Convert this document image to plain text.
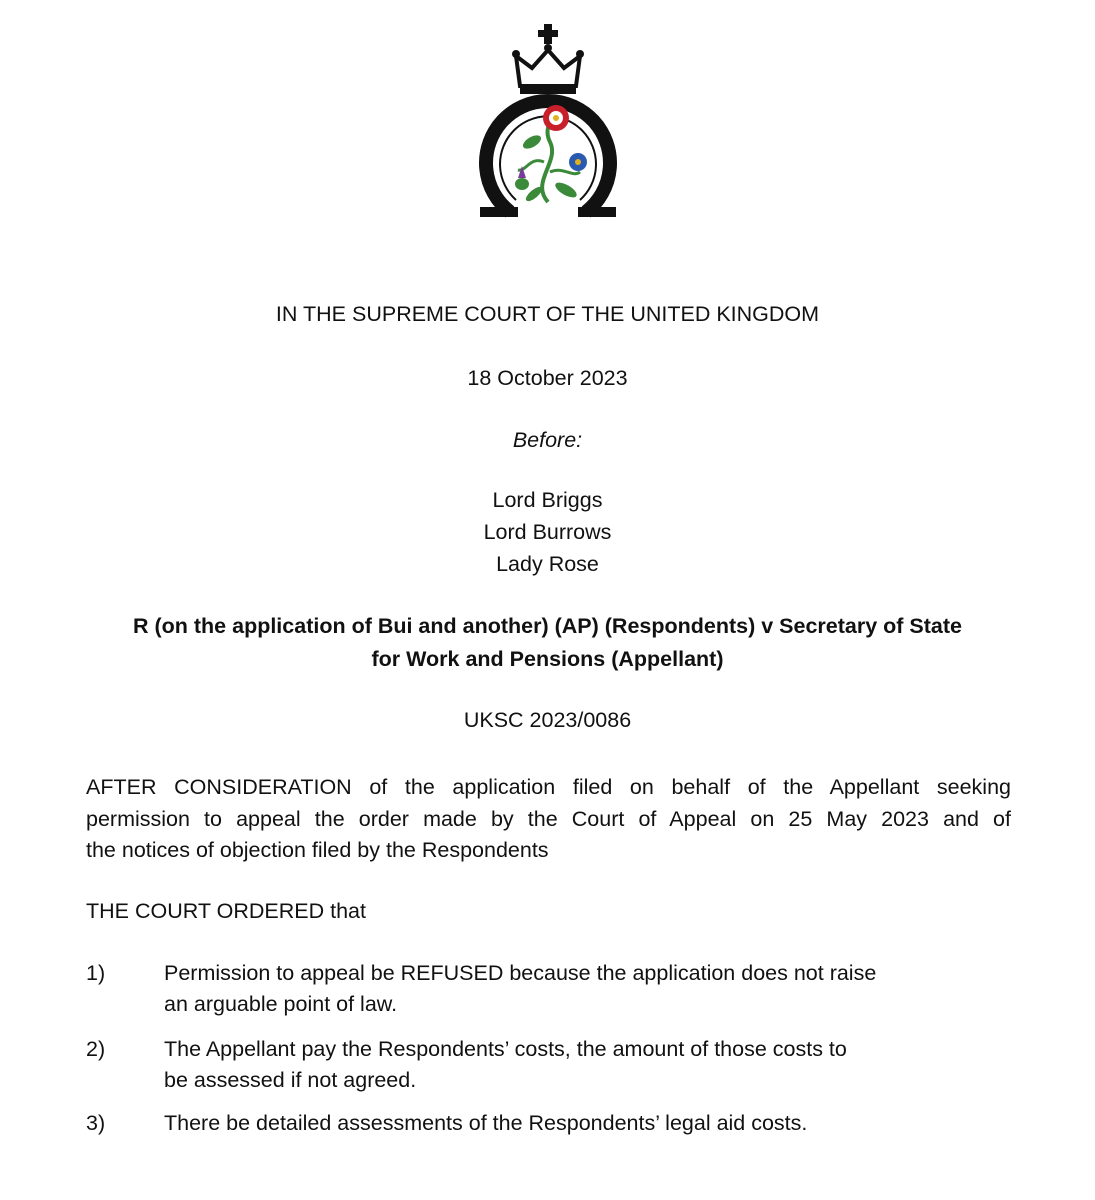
IN THE SUPREME COURT OF THE UNITED KINGDOM
18 October 2023
Before:
Lord Briggs
Lord Burrows
Lady Rose
R (on the application of Bui and another) (AP) (Respondents) v Secretary of State
for Work and Pensions (Appellant)
UKSC 2023/0086
AFTER CONSIDERATION of the application filed on behalf of the Appellant seeking
permission to appeal the order made by the Court of Appeal on 25 May 2023 and of
the notices of objection filed by the Respondents
THE COURT ORDERED that
1)	Permission to appeal be REFUSED because the application does not raise
an arguable point of law.
2)	The Appellant pay the Respondents’ costs, the amount of those costs to
be assessed if not agreed.
3)	There be detailed assessments of the Respondents’ legal aid costs.
